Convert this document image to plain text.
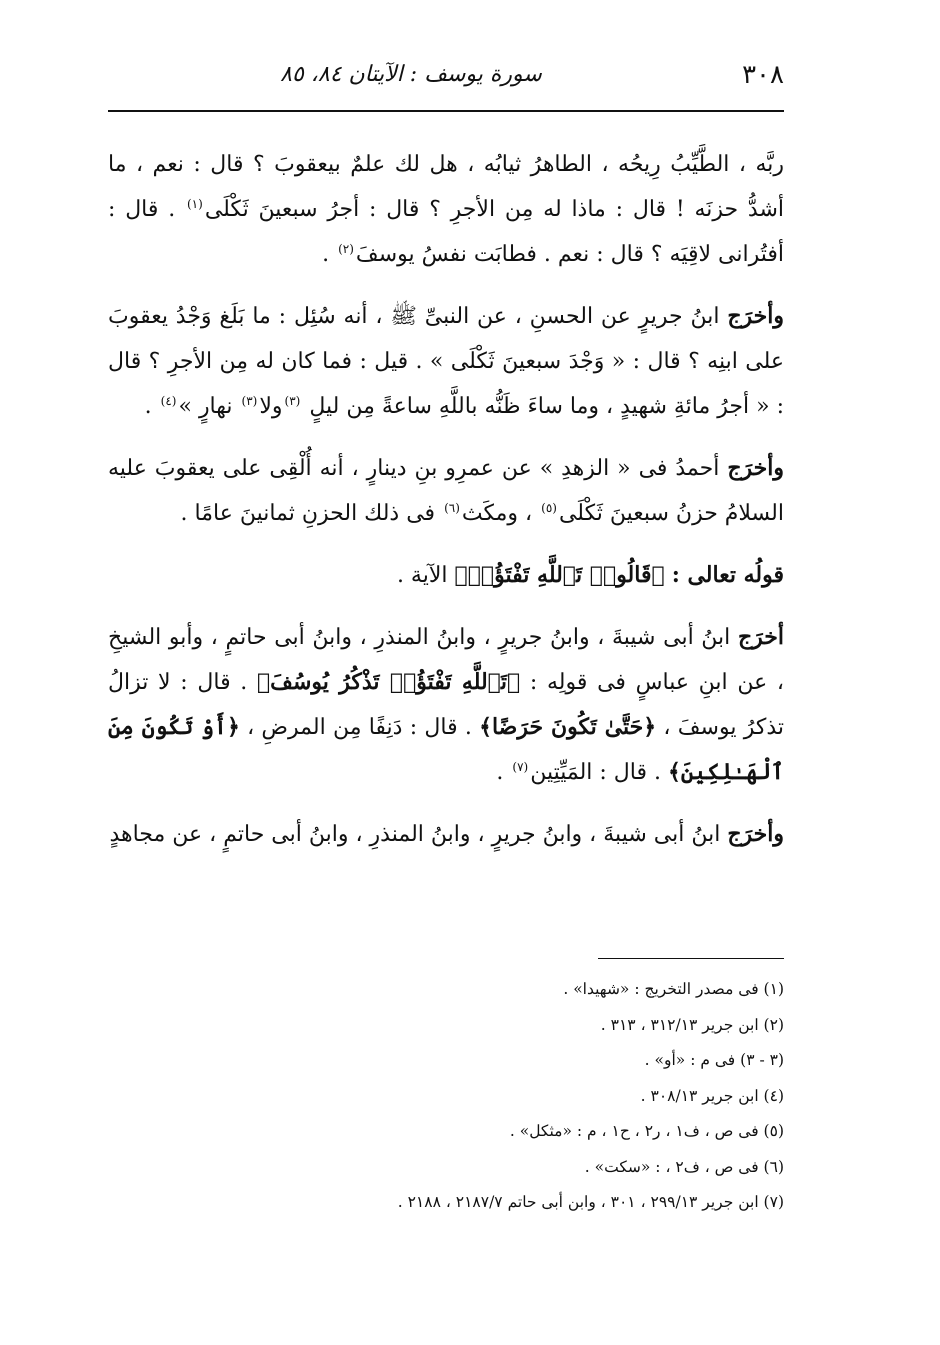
٣٠٨
سورة يوسف : الآيتان ٨٤، ٨٥

ربَّه ، الطَّيِّبُ رِيحُه ، الطاهرُ ثيابُه ، هل لك علمٌ بيعقوبَ ؟ قال : نعم ، ما أشدُّ حزنَه ! قال : ماذا له مِن الأجرِ ؟ قال : أجرُ سبعينَ ثَكْلَى$^{(١)}$ . قال : أفتُرانى لاقِيَه ؟ قال : نعم . فطابَت نفسُ يوسفَ$^{(٢)}$ .

وأخرَج ابنُ جريرٍ عن الحسنِ ، عن النبىِّ ﷺ ، أنه سُئِل : ما بَلَغ وَجْدُ يعقوبَ على ابنِه ؟ قال : « وَجْدَ سبعينَ ثَكْلَى » . قيل : فما كان له مِن الأجرِ ؟ قال : « أجرُ مائةِ شهيدٍ ، وما ساءَ ظَنُّه باللَّهِ ساعةً مِن ليلٍ $^{(٣)}$ولا$^{(٣)}$ نهارٍ »$^{(٤)}$ .

وأخرَج أحمدُ فى « الزهدِ » عن عمرِو بنِ دينارٍ ، أنه أُلْقِى على يعقوبَ عليه السلامُ حزنُ سبعينَ ثَكْلَى$^{(٥)}$ ، ومكَث$^{(٦)}$ فى ذلك الحزنِ ثمانينَ عامًا .

قولُه تعالى : ﴿قَالُوا۟ تَٱللَّهِ تَفْتَؤُا۟﴾ الآية .

أخرَج ابنُ أبى شيبةَ ، وابنُ جريرٍ ، وابنُ المنذرِ ، وابنُ أبى حاتمٍ ، وأبو الشيخِ ، عن ابنِ عباسٍ فى قولِه : ﴿تَٱللَّهِ تَفْتَؤُا۟ تَذْكُرُ يُوسُفَ﴾ . قال : لا تزالُ تذكرُ يوسفَ ، ﴿حَتَّىٰ تَكُونَ حَرَضًا﴾ . قال : دَنِفًا مِن المرضِ ، ﴿أَوْ تَكُونَ مِنَ ٱلْهَـٰلِكِينَ﴾ . قال : المَيِّتِين$^{(٧)}$ .

وأخرَج ابنُ أبى شيبةَ ، وابنُ جريرٍ ، وابنُ المنذرِ ، وابنُ أبى حاتمٍ ، عن مجاهدٍ

(١) فى مصدر التخريج : «شهيدا» .
(٢) ابن جرير ٣١٢/١٣ ، ٣١٣ .
(٣ - ٣) فى م : «أو» .
(٤) ابن جرير ٣٠٨/١٣ .
(٥) فى ص ، ف١ ، ر٢ ، ح١ ، م : «مثكل» .
(٦) فى ص ، ف٢ ، : «سكت» .
(٧) ابن جرير ٢٩٩/١٣ ، ٣٠١ ، وابن أبى حاتم ٢١٨٧/٧ ، ٢١٨٨ .
